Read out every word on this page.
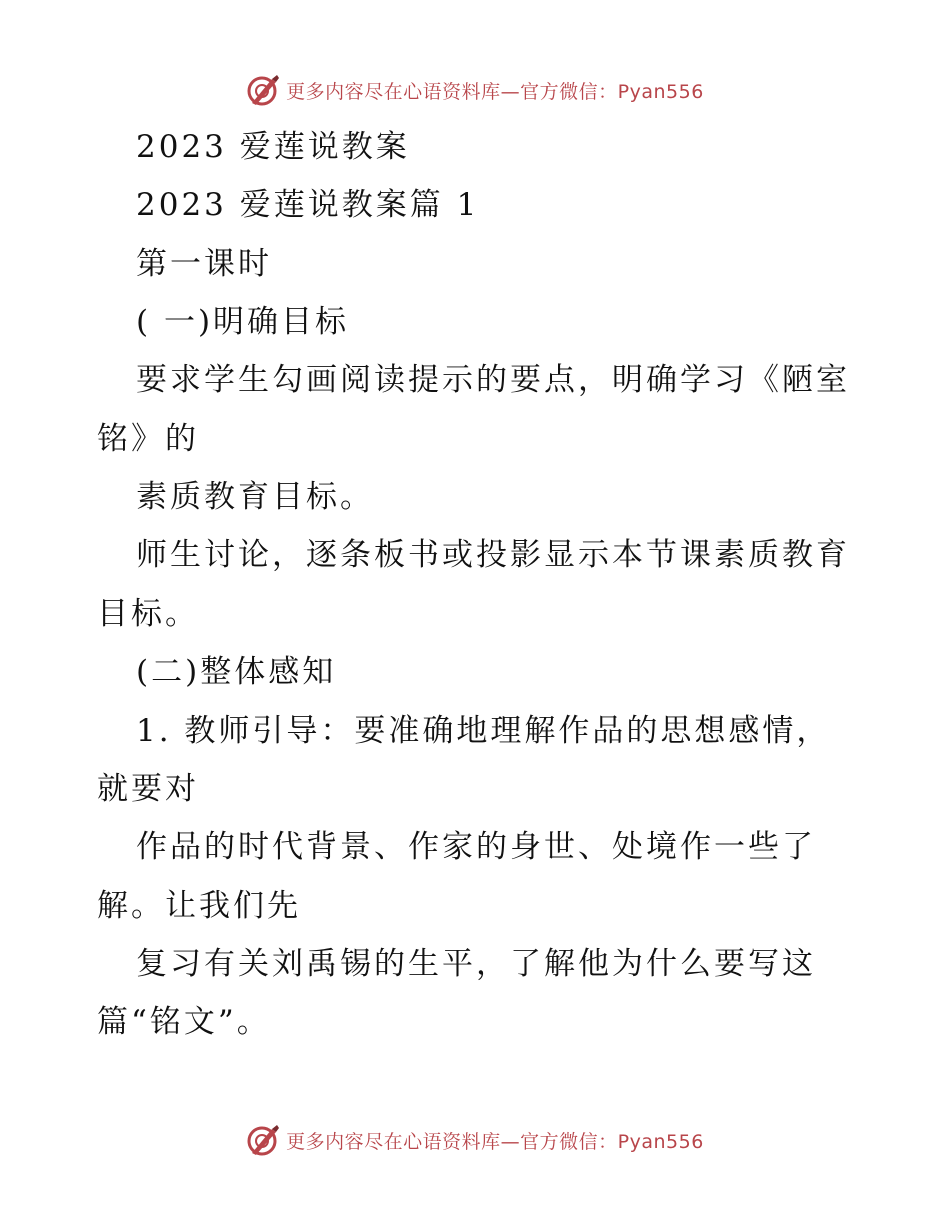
更多内容尽在心语资料库—官方微信：Pyan556
2023 爱莲说教案
2023 爱莲说教案篇 1
第一课时
( 一)明确目标
要求学生勾画阅读提示的要点，明确学习《陋室
铭》的
素质教育目标。
师生讨论，逐条板书或投影显示本节课素质教育
目标。
(二)整体感知
1. 教师引导：要准确地理解作品的思想感情，
就要对
作品的时代背景、作家的身世、处境作一些了
解。让我们先
复习有关刘禹锡的生平，了解他为什么要写这
篇“铭文”。
更多内容尽在心语资料库—官方微信：Pyan556
